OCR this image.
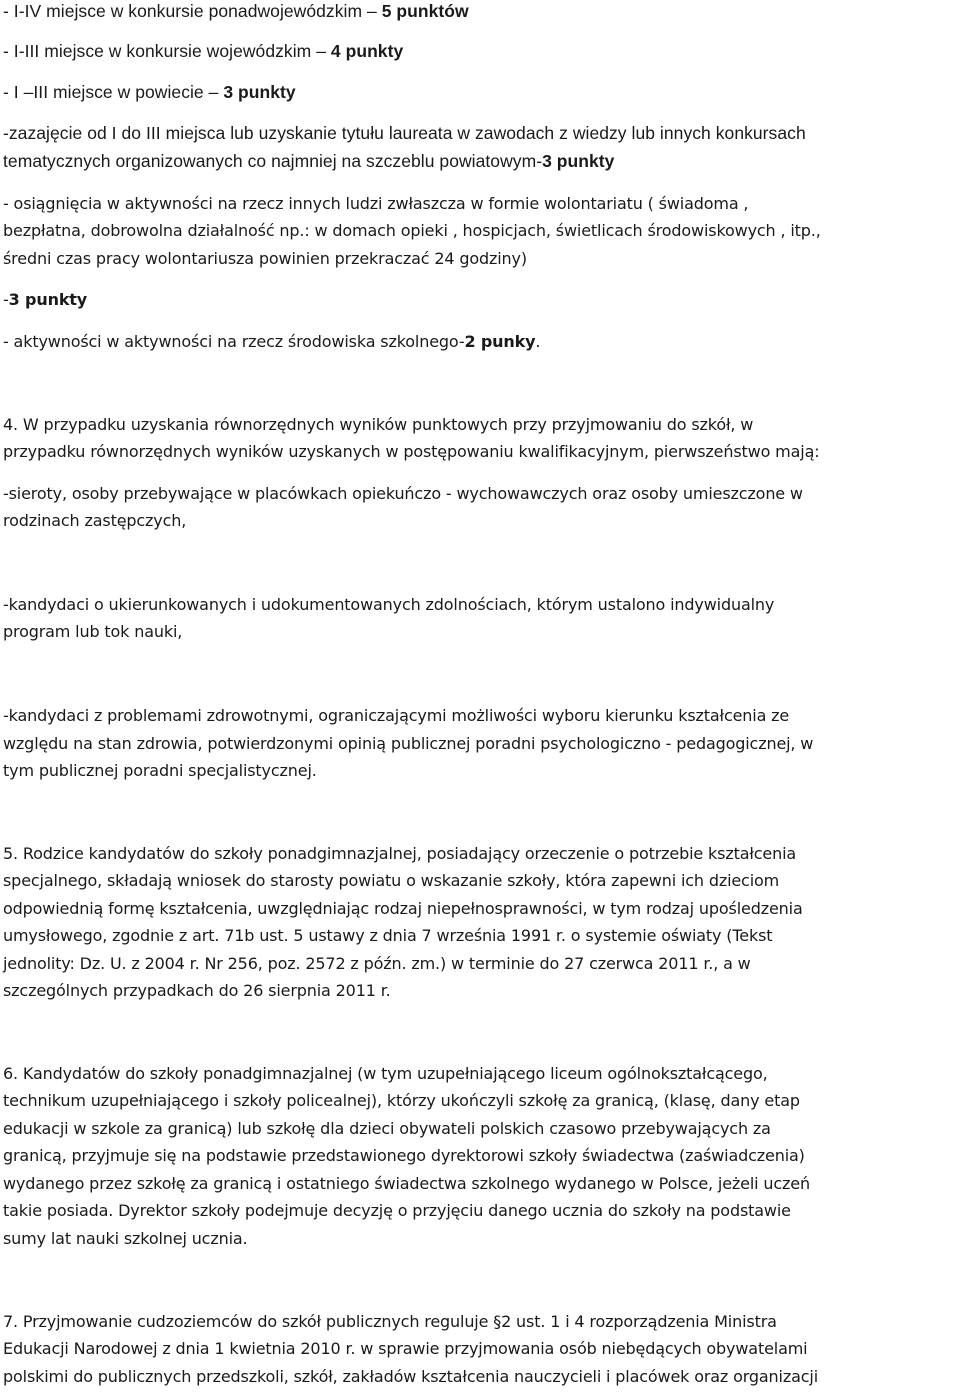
- I-IV miejsce w konkursie ponadwojewódzkim – 5 punktów
- I-III miejsce w konkursie wojewódzkim – 4 punkty
- I –III miejsce w powiecie – 3 punkty
-zazajęcie od I do III miejsca lub uzyskanie tytułu laureata w zawodach z wiedzy lub innych konkursach
tematycznych organizowanych co najmniej na szczeblu powiatowym-3 punkty
- osiągnięcia w aktywności na rzecz innych ludzi zwłaszcza w formie wolontariatu ( świadoma ,
bezpłatna, dobrowolna działalność np.: w domach opieki , hospicjach, świetlicach środowiskowych , itp.,
średni czas pracy wolontariusza powinien przekraczać 24 godziny)
-3 punkty
- aktywności w aktywności na rzecz środowiska szkolnego-2 punky.
4. W przypadku uzyskania równorzędnych wyników punktowych przy przyjmowaniu do szkół, w
przypadku równorzędnych wyników uzyskanych w postępowaniu kwalifikacyjnym, pierwszeństwo mają:
-sieroty, osoby przebywające w placówkach opiekuńczo - wychowawczych oraz osoby umieszczone w
rodzinach zastępczych,
-kandydaci o ukierunkowanych i udokumentowanych zdolnościach, którym ustalono indywidualny
program lub tok nauki,
-kandydaci z problemami zdrowotnymi, ograniczającymi możliwości wyboru kierunku kształcenia ze
względu na stan zdrowia, potwierdzonymi opinią publicznej poradni psychologiczno - pedagogicznej, w
tym publicznej poradni specjalistycznej.
5. Rodzice kandydatów do szkoły ponadgimnazjalnej, posiadający orzeczenie o potrzebie kształcenia
specjalnego, składają wniosek do starosty powiatu o wskazanie szkoły, która zapewni ich dzieciom
odpowiednią formę kształcenia, uwzględniając rodzaj niepełnosprawności, w tym rodzaj upośledzenia
umysłowego, zgodnie z art. 71b ust. 5 ustawy z dnia 7 września 1991 r. o systemie oświaty (Tekst
jednolity: Dz. U. z 2004 r. Nr 256, poz. 2572 z późn. zm.) w terminie do 27 czerwca 2011 r., a w
szczególnych przypadkach do 26 sierpnia 2011 r.
6. Kandydatów do szkoły ponadgimnazjalnej (w tym uzupełniającego liceum ogólnokształcącego,
technikum uzupełniającego i szkoły policealnej), którzy ukończyli szkołę za granicą, (klasę, dany etap
edukacji w szkole za granicą) lub szkołę dla dzieci obywateli polskich czasowo przebywających za
granicą, przyjmuje się na podstawie przedstawionego dyrektorowi szkoły świadectwa (zaświadczenia)
wydanego przez szkołę za granicą i ostatniego świadectwa szkolnego wydanego w Polsce, jeżeli uczeń
takie posiada. Dyrektor szkoły podejmuje decyzję o przyjęciu danego ucznia do szkoły na podstawie
sumy lat nauki szkolnej ucznia.
7. Przyjmowanie cudzoziemców do szkół publicznych reguluje §2 ust. 1 i 4 rozporządzenia Ministra
Edukacji Narodowej z dnia 1 kwietnia 2010 r. w sprawie przyjmowania osób niebędących obywatelami
polskimi do publicznych przedszkoli, szkół, zakładów kształcenia nauczycieli i placówek oraz organizacji
